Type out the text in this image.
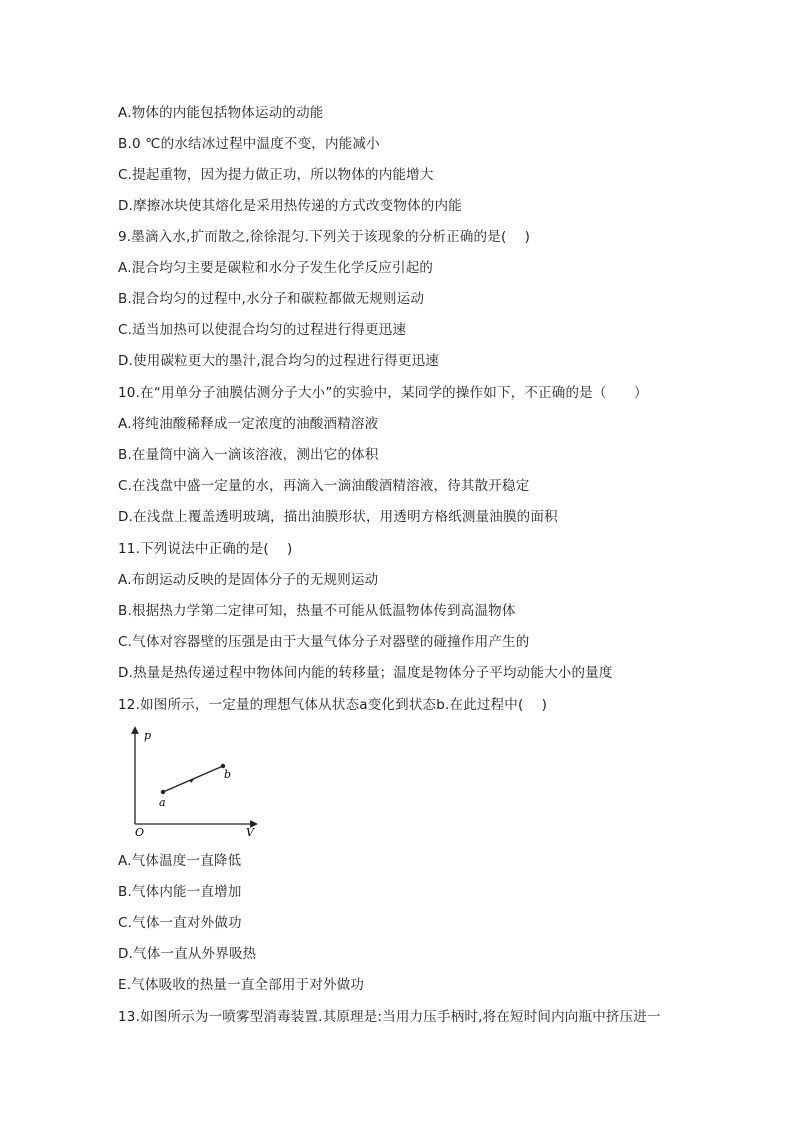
A.物体的内能包括物体运动的动能
B.0 ℃的水结冰过程中温度不变，内能减小
C.提起重物，因为提力做正功，所以物体的内能增大
D.摩擦冰块使其熔化是采用热传递的方式改变物体的内能
9.墨滴入水,扩而散之,徐徐混匀.下列关于该现象的分析正确的是(　 )
A.混合均匀主要是碳粒和水分子发生化学反应引起的
B.混合均匀的过程中,水分子和碳粒都做无规则运动
C.适当加热可以使混合均匀的过程进行得更迅速
D.使用碳粒更大的墨汁,混合均匀的过程进行得更迅速
10.在“用单分子油膜估测分子大小”的实验中，某同学的操作如下，不正确的是（　　）
A.将纯油酸稀释成一定浓度的油酸酒精溶液
B.在量筒中滴入一滴该溶液，测出它的体积
C.在浅盘中盛一定量的水，再滴入一滴油酸酒精溶液，待其散开稳定
D.在浅盘上覆盖透明玻璃，描出油膜形状，用透明方格纸测量油膜的面积
11.下列说法中正确的是(　 )
A.布朗运动反映的是固体分子的无规则运动
B.根据热力学第二定律可知，热量不可能从低温物体传到高温物体
C.气体对容器壁的压强是由于大量气体分子对器壁的碰撞作用产生的
D.热量是热传递过程中物体间内能的转移量；温度是物体分子平均动能大小的量度
12.如图所示，一定量的理想气体从状态a变化到状态b.在此过程中(　 )
p
V
O
a
b
A.气体温度一直降低
B.气体内能一直增加
C.气体一直对外做功
D.气体一直从外界吸热
E.气体吸收的热量一直全部用于对外做功
13.如图所示为一喷雾型消毒装置.其原理是:当用力压手柄时,将在短时间内向瓶中挤压进一
